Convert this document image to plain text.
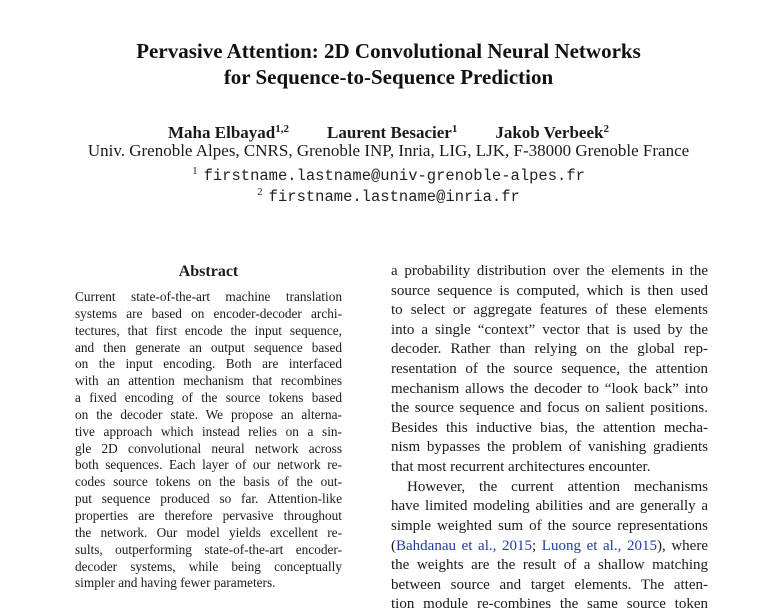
Pervasive Attention: 2D Convolutional Neural Networks
for Sequence-to-Sequence Prediction
Maha Elbayad$^{1,2}$ Laurent Besacier$^1$ Jakob Verbeek$^2$
Univ. Grenoble Alpes, CNRS, Grenoble INP, Inria, LIG, LJK, F-38000 Grenoble France
$^1$ firstname.lastname@univ-grenoble-alpes.fr
$^2$ firstname.lastname@inria.fr
Abstract
Current state-of-the-art machine translation
systems are based on encoder-decoder archi-
tectures, that first encode the input sequence,
and then generate an output sequence based
on the input encoding. Both are interfaced
with an attention mechanism that recombines
a fixed encoding of the source tokens based
on the decoder state. We propose an alterna-
tive approach which instead relies on a sin-
gle 2D convolutional neural network across
both sequences. Each layer of our network re-
codes source tokens on the basis of the out-
put sequence produced so far. Attention-like
properties are therefore pervasive throughout
the network. Our model yields excellent re-
sults, outperforming state-of-the-art encoder-
decoder systems, while being conceptually
simpler and having fewer parameters.
a probability distribution over the elements in the
source sequence is computed, which is then used
to select or aggregate features of these elements
into a single “context” vector that is used by the
decoder. Rather than relying on the global rep-
resentation of the source sequence, the attention
mechanism allows the decoder to “look back” into
the source sequence and focus on salient positions.
Besides this inductive bias, the attention mecha-
nism bypasses the problem of vanishing gradients
that most recurrent architectures encounter.
However, the current attention mechanisms
have limited modeling abilities and are generally a
simple weighted sum of the source representations
(Bahdanau et al., 2015; Luong et al., 2015), where
the weights are the result of a shallow matching
between source and target elements. The atten-
tion module re-combines the same source token
